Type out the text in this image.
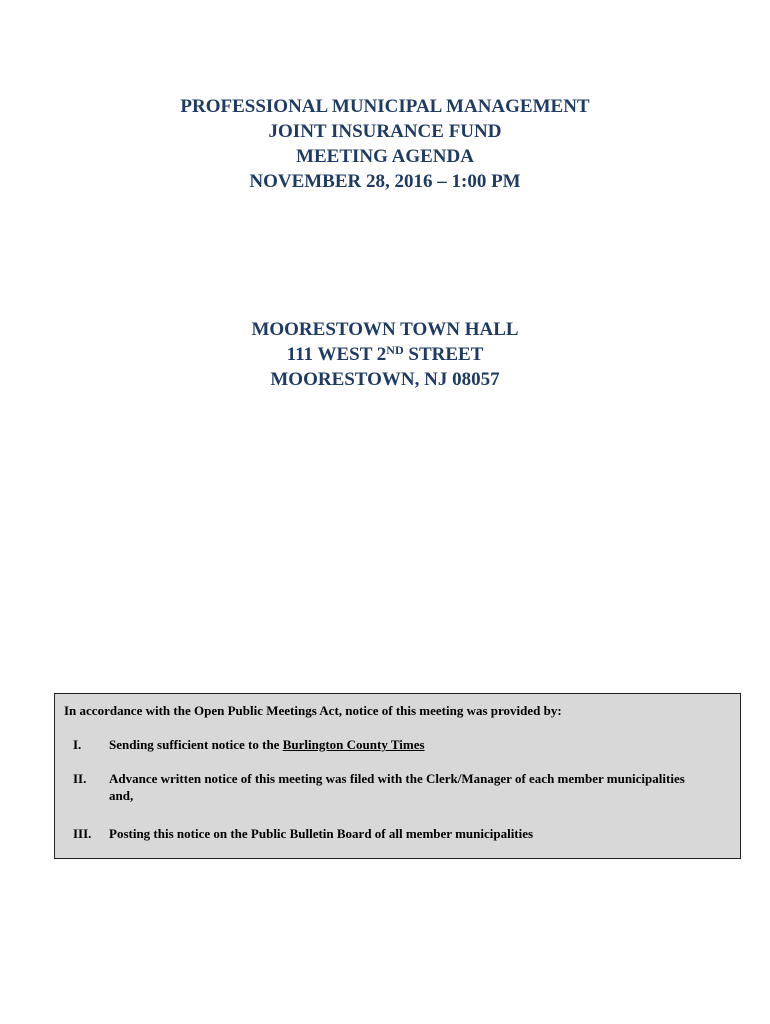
PROFESSIONAL MUNICIPAL MANAGEMENT
JOINT INSURANCE FUND
MEETING AGENDA
NOVEMBER 28, 2016 – 1:00 PM
MOORESTOWN TOWN HALL
111 WEST 2ND STREET
MOORESTOWN, NJ 08057
In accordance with the Open Public Meetings Act, notice of this meeting was provided by:
I. Sending sufficient notice to the Burlington County Times
II. Advance written notice of this meeting was filed with the Clerk/Manager of each member municipalities and,
III. Posting this notice on the Public Bulletin Board of all member municipalities
